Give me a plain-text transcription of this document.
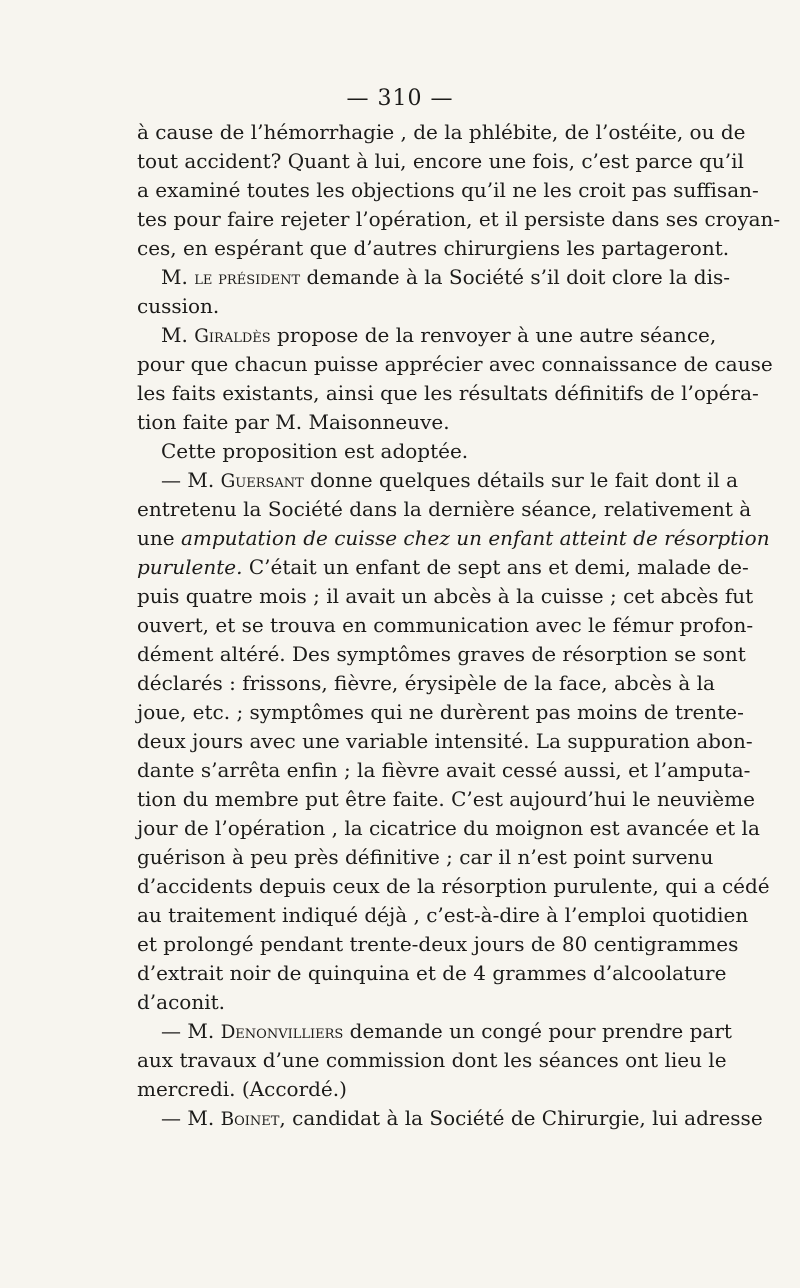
— 310 —
à cause de l’hémorrhagie , de la phlébite, de l’ostéite, ou de
tout accident? Quant à lui, encore une fois, c’est parce qu’il
a examiné toutes les objections qu’il ne les croit pas suffisan-
tes pour faire rejeter l’opération, et il persiste dans ses croyan-
ces, en espérant que d’autres chirurgiens les partageront.
M. le président demande à la Société s’il doit clore la dis-
cussion.
M. Giraldès propose de la renvoyer à une autre séance,
pour que chacun puisse apprécier avec connaissance de cause
les faits existants, ainsi que les résultats définitifs de l’opéra-
tion faite par M. Maisonneuve.
Cette proposition est adoptée.
— M. Guersant donne quelques détails sur le fait dont il a
entretenu la Société dans la dernière séance, relativement à
une amputation de cuisse chez un enfant atteint de résorption
purulente. C’était un enfant de sept ans et demi, malade de-
puis quatre mois ; il avait un abcès à la cuisse ; cet abcès fut
ouvert, et se trouva en communication avec le fémur profon-
dément altéré. Des symptômes graves de résorption se sont
déclarés : frissons, fièvre, érysipèle de la face, abcès à la
joue, etc. ; symptômes qui ne durèrent pas moins de trente-
deux jours avec une variable intensité. La suppuration abon-
dante s’arrêta enfin ; la fièvre avait cessé aussi, et l’amputa-
tion du membre put être faite. C’est aujourd’hui le neuvième
jour de l’opération , la cicatrice du moignon est avancée et la
guérison à peu près définitive ; car il n’est point survenu
d’accidents depuis ceux de la résorption purulente, qui a cédé
au traitement indiqué déjà , c’est-à-dire à l’emploi quotidien
et prolongé pendant trente-deux jours de 80 centigrammes
d’extrait noir de quinquina et de 4 grammes d’alcoolature
d’aconit.
— M. Denonvilliers demande un congé pour prendre part
aux travaux d’une commission dont les séances ont lieu le
mercredi. (Accordé.)
— M. Boinet, candidat à la Société de Chirurgie, lui adresse
